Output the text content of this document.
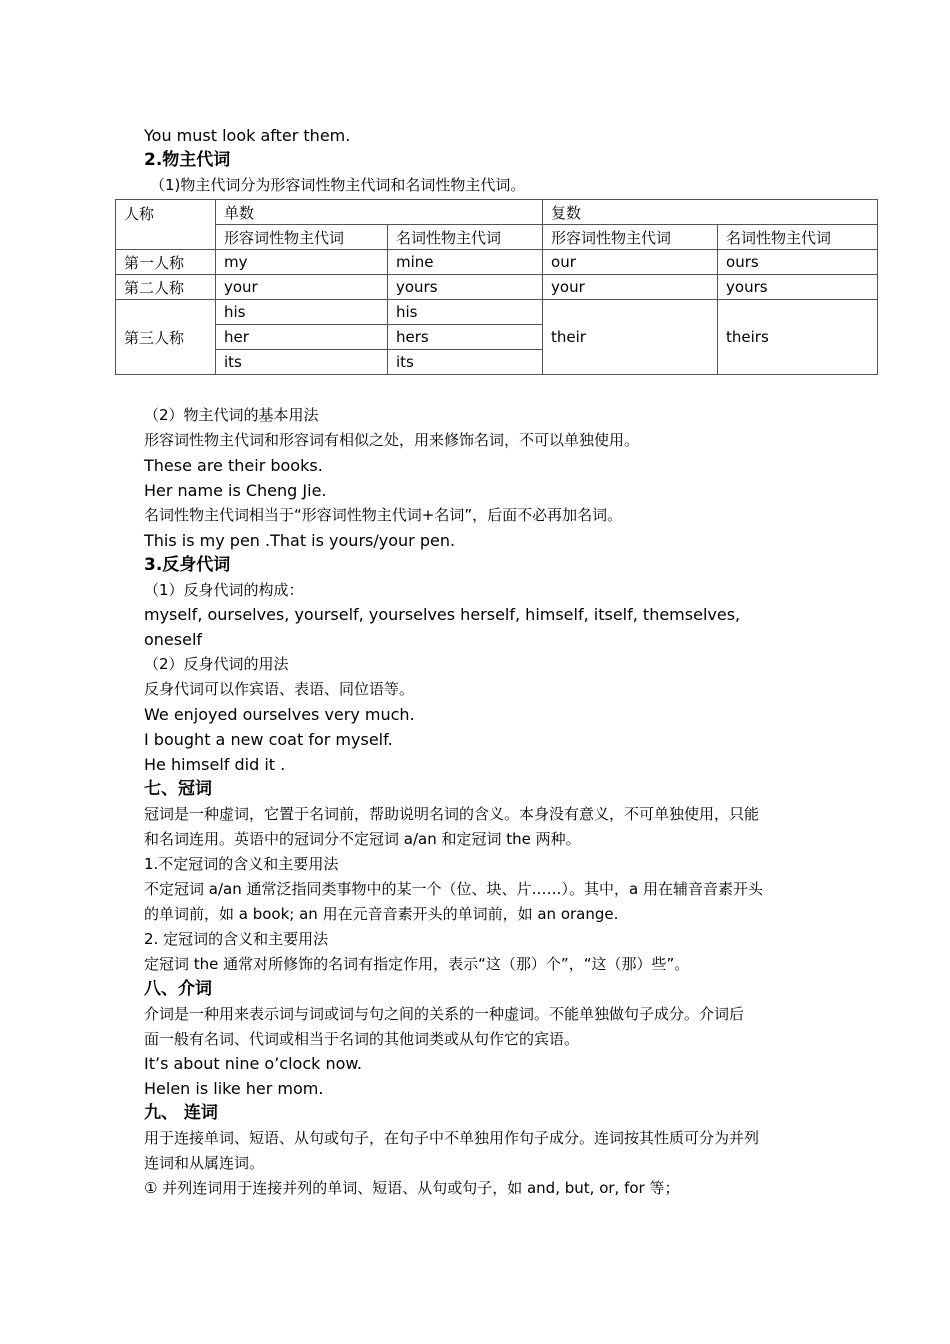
You must look after them.
2.物主代词
（1)物主代词分为形容词性物主代词和名词性物主代词。
人称	单数		复数	
	形容词性物主代词	名词性物主代词	形容词性物主代词	名词性物主代词
第一人称	my	mine	our	ours
第二人称	your	yours	your	yours
第三人称	his	his	their	theirs
	her	hers		
	its	its		
（2）物主代词的基本用法
形容词性物主代词和形容词有相似之处，用来修饰名词，不可以单独使用。
These are their books.
Her name is Cheng Jie.
名词性物主代词相当于“形容词性物主代词+名词”，后面不必再加名词。
This is my pen .That is yours/your pen.
3.反身代词
（1）反身代词的构成：
myself, ourselves, yourself, yourselves herself, himself, itself, themselves,
oneself
（2）反身代词的用法
反身代词可以作宾语、表语、同位语等。
We enjoyed ourselves very much.
I bought a new coat for myself.
He himself did it .
七、冠词
冠词是一种虚词，它置于名词前，帮助说明名词的含义。本身没有意义，不可单独使用，只能
和名词连用。英语中的冠词分不定冠词 a/an 和定冠词 the 两种。
1.不定冠词的含义和主要用法
不定冠词 a/an 通常泛指同类事物中的某一个（位、块、片……）。其中，a 用在辅音音素开头
的单词前，如 a book; an 用在元音音素开头的单词前，如 an orange.
2. 定冠词的含义和主要用法
定冠词 the 通常对所修饰的名词有指定作用，表示“这（那）个”，“这（那）些”。
八、介词
介词是一种用来表示词与词或词与句之间的关系的一种虚词。不能单独做句子成分。介词后
面一般有名词、代词或相当于名词的其他词类或从句作它的宾语。
It’s about nine o’clock now.
Helen is like her mom.
九、 连词
用于连接单词、短语、从句或句子，在句子中不单独用作句子成分。连词按其性质可分为并列
连词和从属连词。
① 并列连词用于连接并列的单词、短语、从句或句子，如 and, but, or, for 等；
